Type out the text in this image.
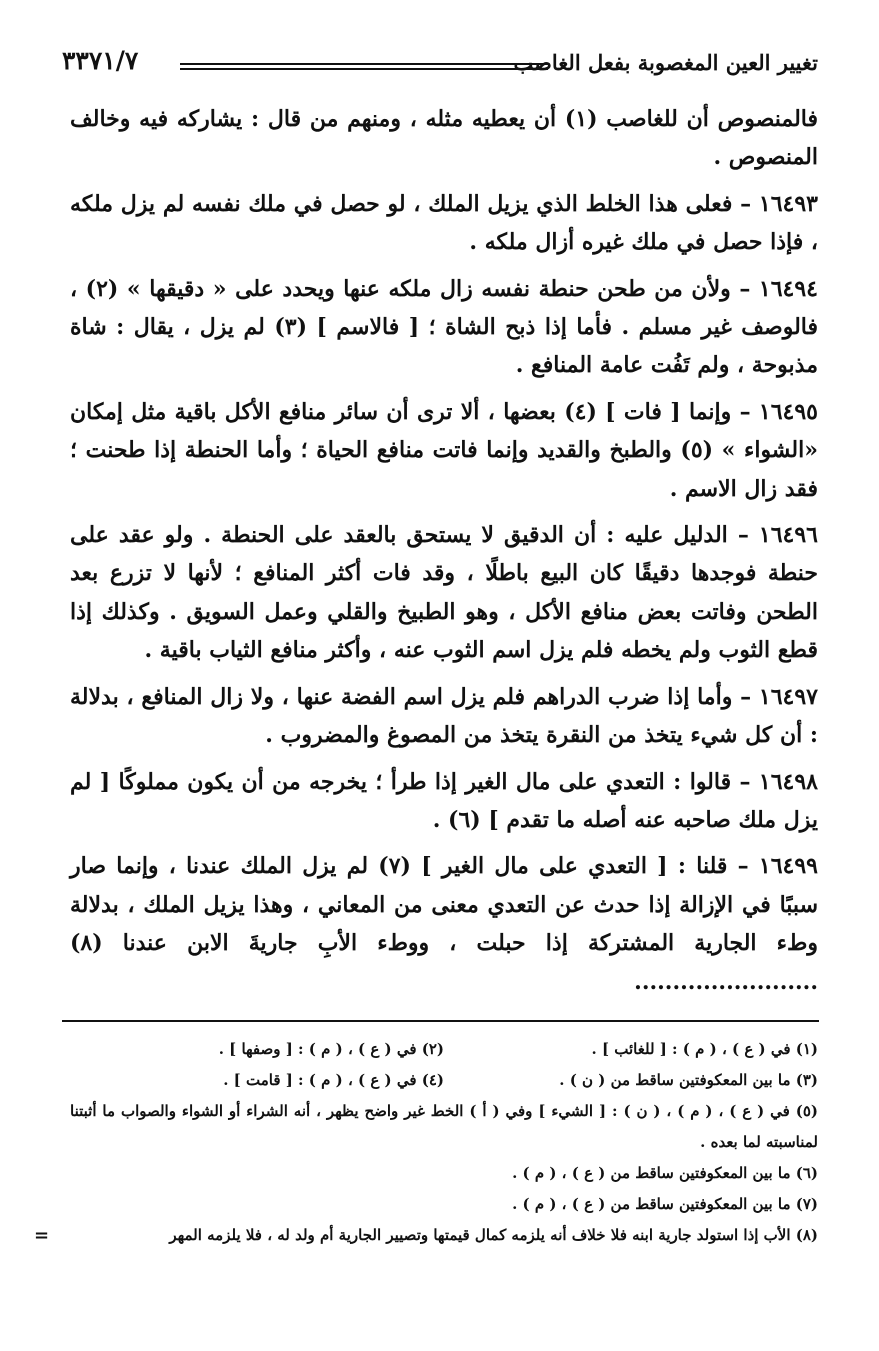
تغيير العين المغصوبة بفعل الغاصب
٣٣٧١/٧

فالمنصوص أن للغاصب (١) أن يعطيه مثله ، ومنهم من قال : يشاركه فيه وخالف المنصوص .

١٦٤٩٣ – فعلى هذا الخلط الذي يزيل الملك ، لو حصل في ملك نفسه لم يزل ملكه ، فإذا حصل في ملك غيره أزال ملكه .

١٦٤٩٤ – ولأن من طحن حنطة نفسه زال ملكه عنها ويحدد على « دقيقها » (٢) ، فالوصف غير مسلم . فأما إذا ذبح الشاة ؛ [ فالاسم ] (٣) لم يزل ، يقال : شاة مذبوحة ، ولم تَفُت عامة المنافع .

١٦٤٩٥ – وإنما [ فات ] (٤) بعضها ، ألا ترى أن سائر منافع الأكل باقية مثل إمكان «الشواء » (٥) والطبخ والقديد وإنما فاتت منافع الحياة ؛ وأما الحنطة إذا طحنت ؛ فقد زال الاسم .

١٦٤٩٦ – الدليل عليه : أن الدقيق لا يستحق بالعقد على الحنطة . ولو عقد على حنطة فوجدها دقيقًا كان البيع باطلًا ، وقد فات أكثر المنافع ؛ لأنها لا تزرع بعد الطحن وفاتت بعض منافع الأكل ، وهو الطبيخ والقلي وعمل السويق . وكذلك إذا قطع الثوب ولم يخطه فلم يزل اسم الثوب عنه ، وأكثر منافع الثياب باقية .

١٦٤٩٧ – وأما إذا ضرب الدراهم فلم يزل اسم الفضة عنها ، ولا زال المنافع ، بدلالة : أن كل شيء يتخذ من النقرة يتخذ من المصوغ والمضروب .

١٦٤٩٨ – قالوا : التعدي على مال الغير إذا طرأ ؛ يخرجه من أن يكون مملوكًا [ لم يزل ملك صاحبه عنه أصله ما تقدم ] (٦) .

١٦٤٩٩ – قلنا : [ التعدي على مال الغير ] (٧) لم يزل الملك عندنا ، وإنما صار سببًا في الإزالة إذا حدث عن التعدي معنى من المعاني ، وهذا يزيل الملك ، بدلالة وطء الجارية المشتركة إذا حبلت ، ووطء الأبِ جاريةَ الابن عندنا (٨) ........................

(١) في ( ع ) ، ( م ) : [ للغائب ] .
(٢) في ( ع ) ، ( م ) : [ وصفها ] .
(٣) ما بين المعكوفتين ساقط من ( ن ) .
(٤) في ( ع ) ، ( م ) : [ قامت ] .
(٥) في ( ع ) ، ( م ) ، ( ن ) : [ الشيء ] وفي ( أ ) الخط غير واضح يظهر ، أنه الشراء أو الشواء والصواب ما أثبتنا لمناسبته لما بعده .
(٦) ما بين المعكوفتين ساقط من ( ع ) ، ( م ) .
(٧) ما بين المعكوفتين ساقط من ( ع ) ، ( م ) .
(٨) الأب إذا استولد جارية ابنه فلا خلاف أنه يلزمه كمال قيمتها وتصيير الجارية أم ولد له ، فلا يلزمه المهر
=
